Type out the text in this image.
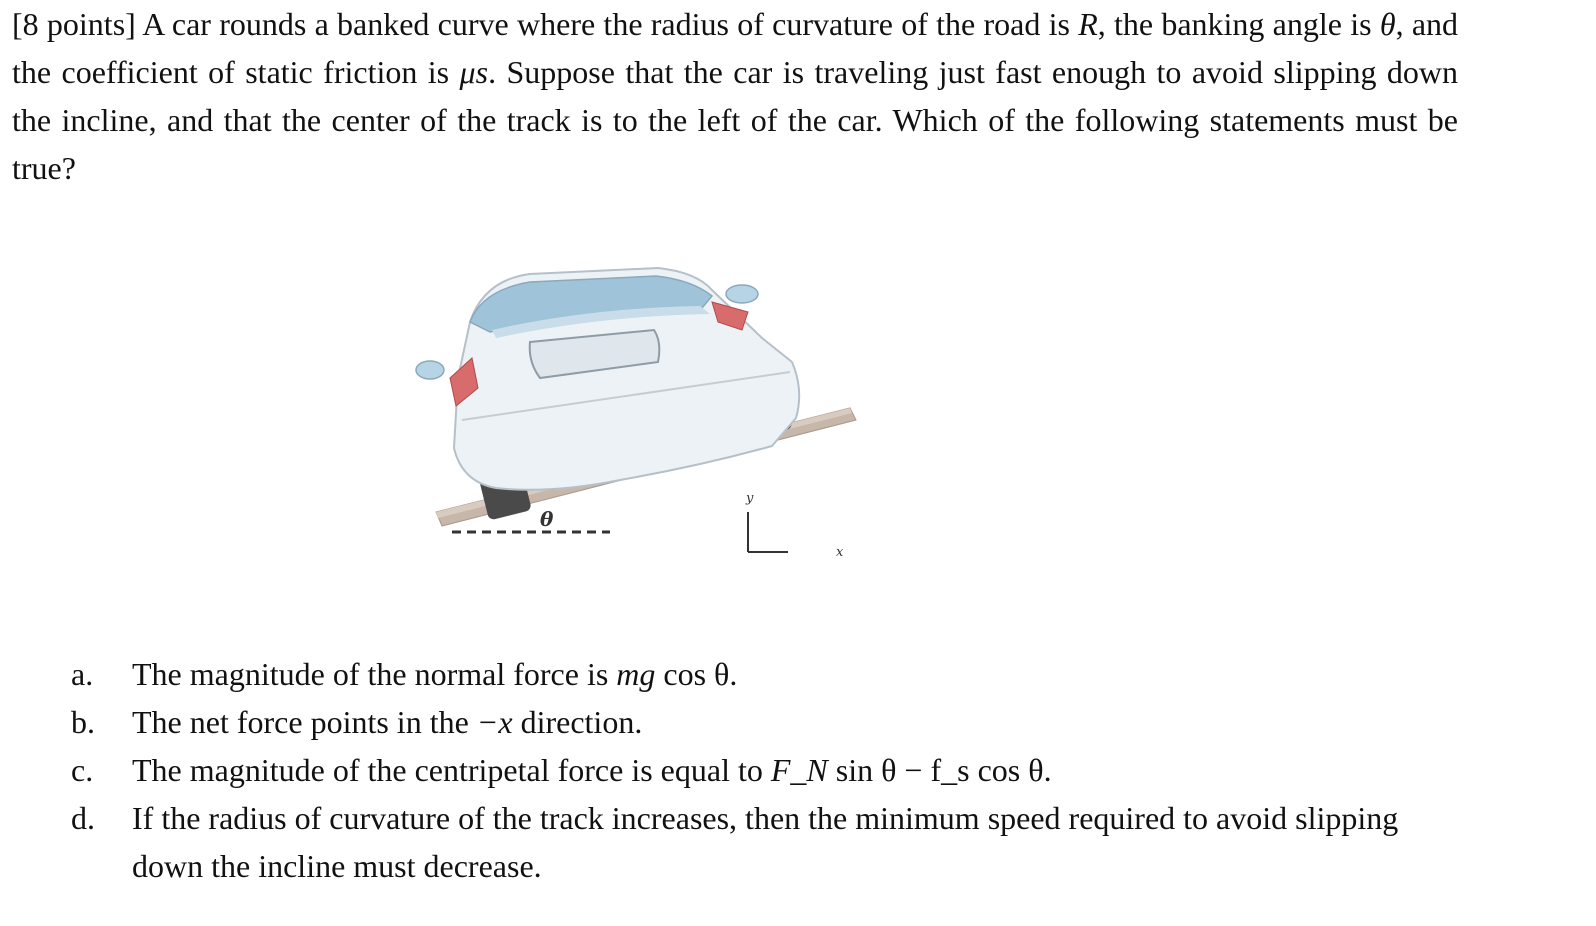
[8 points] A car rounds a banked curve where the radius of curvature of the road is R, the banking angle is θ, and the coefficient of static friction is μs. Suppose that the car is traveling just fast enough to avoid slipping down the incline, and that the center of the track is to the left of the car. Which of the following statements must be true?

θ
y
x
a. The magnitude of the normal force is mg cos θ.
b. The net force points in the −x direction.
c. The magnitude of the centripetal force is equal to F_N sin θ − f_s cos θ.
d. If the radius of curvature of the track increases, then the minimum speed required to avoid slipping down the incline must decrease.
